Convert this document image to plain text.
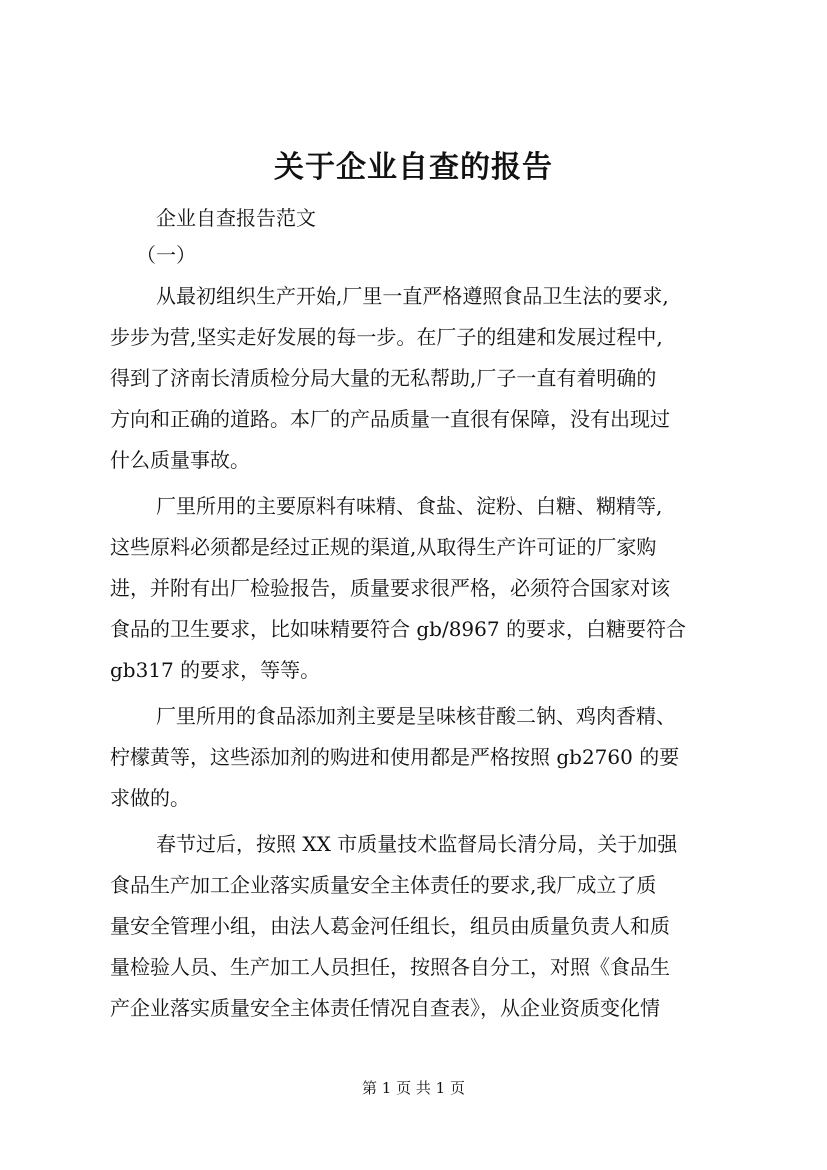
关于企业自查的报告
企业自查报告范文
（一）
从最初组织生产开始,厂里一直严格遵照食品卫生法的要求,
步步为营,坚实走好发展的每一步。在厂子的组建和发展过程中,
得到了济南长清质检分局大量的无私帮助,厂子一直有着明确的
方向和正确的道路。本厂的产品质量一直很有保障，没有出现过
什么质量事故。
厂里所用的主要原料有味精、食盐、淀粉、白糖、糊精等,
这些原料必须都是经过正规的渠道,从取得生产许可证的厂家购
进，并附有出厂检验报告，质量要求很严格，必须符合国家对该
食品的卫生要求，比如味精要符合 gb/8967 的要求，白糖要符合
gb317 的要求，等等。
厂里所用的食品添加剂主要是呈味核苷酸二钠、鸡肉香精、
柠檬黄等，这些添加剂的购进和使用都是严格按照 gb2760 的要
求做的。
春节过后，按照 XX 市质量技术监督局长清分局，关于加强
食品生产加工企业落实质量安全主体责任的要求,我厂成立了质
量安全管理小组，由法人葛金河任组长，组员由质量负责人和质
量检验人员、生产加工人员担任，按照各自分工，对照《食品生
产企业落实质量安全主体责任情况自查表》，从企业资质变化情
第 1 页 共 1 页
